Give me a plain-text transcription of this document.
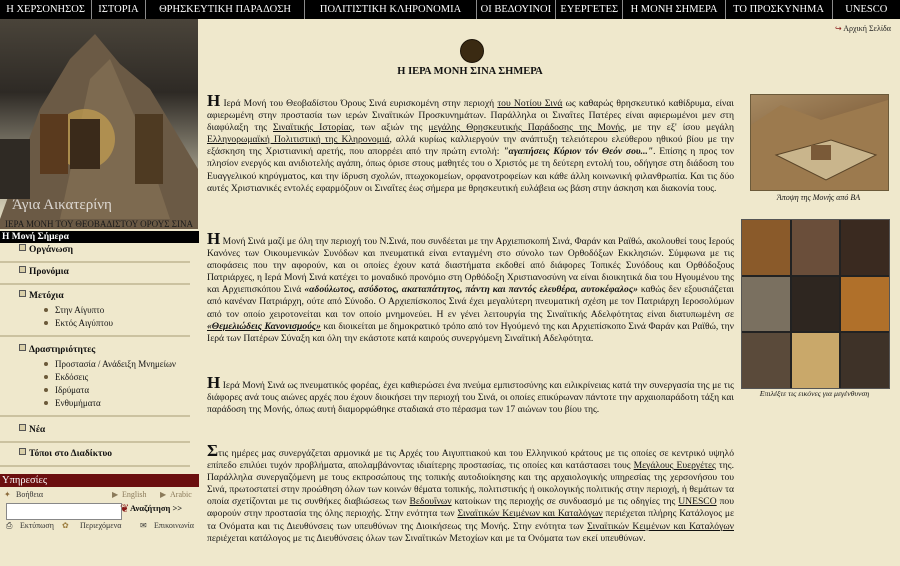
Η ΧΕΡΣΟΝΗΣΟΣ	ΙΣΤΟΡΙΑ	ΘΡΗΣΚΕΥΤΙΚΗ ΠΑΡΑΔΟΣΗ	ΠΟΛΙΤΙΣΤΙΚΗ ΚΛΗΡΟΝΟΜΙΑ	ΟΙ ΒΕΔΟΥΙΝΟΙ ΕΥΕΡΓΕΤΕΣ	Η ΜΟΝΗ ΣΗΜΕΡΑ	ΤΟ ΠΡΟΣΚΥΝΗΜΑ	UNESCO
Άγια Αικατερίνη
ΙΕΡΑ ΜΟΝΗ ΤΟΥ ΘΕΟΒΑΔΙΣΤΟΥ ΟΡΟΥΣ ΣΙΝΑ
Η Μονή Σήμερα
Οργάνωση
Προνόμια
Μετόχια
Στην Αίγυπτο
Εκτός Αιγύπτου
Δραστηριότητες
Προστασία / Ανάδειξη Μνημείων
Εκδόσεις
Ιδρύματα
Ενθυμήματα
Νέα
Τόποι στο Διαδίκτυο
Υπηρεσίες
✦ Βοήθεια	▶ English ▶ Arabic
❦ Αναζήτηση >>
⎙ Εκτύπωση ✿ Περιεχόμενα ✉ Επικοινωνία
↪ Αρχική Σελίδα
Η ΙΕΡΑ ΜΟΝΗ ΣΙΝΑ ΣΗΜΕΡΑ
Η Ιερά Μονή του Θεοβαδίστου Όρους Σινά ευρισκομένη στην περιοχή του Νοτίου Σινά ως καθαρώς θρησκευτικό καθίδρυμα, είναι αφιερωμένη στην προστασία των ιερών Σιναϊτικών Προσκυνημάτων. Παράλληλα οι Σιναΐτες Πατέρες είναι αφιερωμένοι μεν στη διαφύλαξη της Σιναϊτικής Ιστορίας, των αξιών της μεγάλης Θρησκευτικής Παράδοσης της Μονής, με την εξ' ίσου μεγάλη Ελληνορωμαϊκή Πολιτιστική της Κληρονομιά, αλλά κυρίως καλλιεργούν την ανάπτυξη τελειότερου ελεύθερου ηθικού βίου με την εξάσκηση της Χριστιανική αρετής, που απορρέει από την πρώτη εντολή: "αγαπήσεις Κύριον τόν Θεόν σου...". Επίσης η προς τον πλησίον ενεργός και ανιδιοτελής αγάπη, όπως όρισε στους μαθητές του ο Χριστός με τη δεύτερη εντολή του, οδήγησε στη διάδοση του Ευαγγελικού κηρύγματος, και την ίδρυση σχολών, πτωχοκομείων, ορφανοτροφείων και κάθε άλλη κοινωνική φιλανθρωπία. Και τις δύο αυτές Χριστιανικές εντολές εφαρμόζουν οι Σιναΐτες έως σήμερα με θρησκευτική ευλάβεια ως βάση στην άσκηση και διακονία τους.
Η Μονή Σινά μαζί με όλη την περιοχή του Ν.Σινά, που συνδέεται με την Αρχιεπισκοπή Σινά, Φαράν και Ραϊθώ, ακολουθεί τους Ιερούς Κανόνες των Οικουμενικών Συνόδων και πνευματικά είναι ενταγμένη στο σύνολο των Ορθοδόξων Εκκλησιών. Σύμφωνα με τις αποφάσεις που την αφορούν, και οι οποίες έχουν κατά διαστήματα εκδοθεί από διάφορες Τοπικές Συνόδους και Ορθόδοξους Πατριάρχες, η Ιερά Μονή Σινά κατέχει το μοναδικό προνόμιο στη Ορθόδοξη Χριστιανοσύνη να είναι διοικητικά δια του Ηγουμένου της και Αρχιεπισκόπου Σινά «αδούλωτος, ασύδοτος, ακαταπάτητος, πάντη και παντός ελευθέρα, αυτοκέφαλος» καθώς δεν εξουσιάζεται από κανέναν Πατριάρχη, ούτε από Σύνοδο. Ο Αρχιεπίσκοπος Σινά έχει μεγαλύτερη πνευματική σχέση με τον Πατριάρχη Ιεροσολύμων από τον οποίο χειροτονείται και τον οποίο μνημονεύει. Η εν γένει λειτουργία της Σιναϊτικής Αδελφότητας είναι διατυπωμένη σε «Θεμελιώδεις Κανονισμούς» και διοικείται με δημοκρατικό τρόπο από τον Ηγούμενό της και Αρχιεπίσκοπο Σινά Φαράν και Ραϊθώ, την Ιερά των Πατέρων Σύναξη και όλη την εκάστοτε κατά καιρούς συνεργόμενη Σιναϊτική Αδελφότητα.
Η Ιερά Μονή Σινά ως πνευματικός φορέας, έχει καθιερώσει ένα πνεύμα εμπιστοσύνης και ειλικρίνειας κατά την συνεργασία της με τις διάφορες ανά τους αιώνες αρχές που έχουν διοικήσει την περιοχή του Σινά, οι οποίες επικύρωναν πάντοτε την αρχαιοπαράδοτη τάξη και παράδοση της Μονής, όπως αυτή διαμορφώθηκε σταδιακά στο πέρασμα των 17 αιώνων του βίου της.
Στις ημέρες μας συνεργάζεται αρμονικά με τις Αρχές του Αιγυπτιακού και του Ελληνικού κράτους με τις οποίες σε κεντρικό υψηλό επίπεδο επιλύει τυχόν προβλήματα, απολαμβάνοντας ιδιαίτερης προστασίας, τις οποίες και κατάστασει τους Μεγάλους Ευεργέτες της. Παράλληλα συνεργαζόμενη με τους εκπροσώπους της τοπικής αυτοδιοίκησης και της αρχαιολογικής υπηρεσίας της χερσονήσου του Σινά, πρωτοστατεί στην προώθηση όλων των κοινών θέματα τοπικής, πολιτιστικής ή οικολογικής πολιτικής στην περιοχή, ή θεμάτων τα οποία σχετίζονται με τις συνθήκες διαβιώσεως των Βεδουΐνων κατοίκων της περιοχής σε συνδυασμό με τις οδηγίες της UNESCO που αφορούν στην προστασία της όλης περιοχής. Στην ενότητα των Σιναϊτικών Κειμένων και Καταλόγων περιέχεται πλήρης Κατάλογος με τα Ονόματα και τις Διευθύνσεις των υπευθύνων της Διοικήσεως της Μονής. Στην ενότητα των Σιναϊτικών Κειμένων και Καταλόγων περιέχεται κατάλογος με τις Διευθύνσεις όλων των Σιναϊτικών Μετοχίων και με τα Ονόματα των εκεί υπευθύνων.
Άποψη της Μονής από ΒΑ
Επιλέξτε τις εικόνες για μεγένθυνση
